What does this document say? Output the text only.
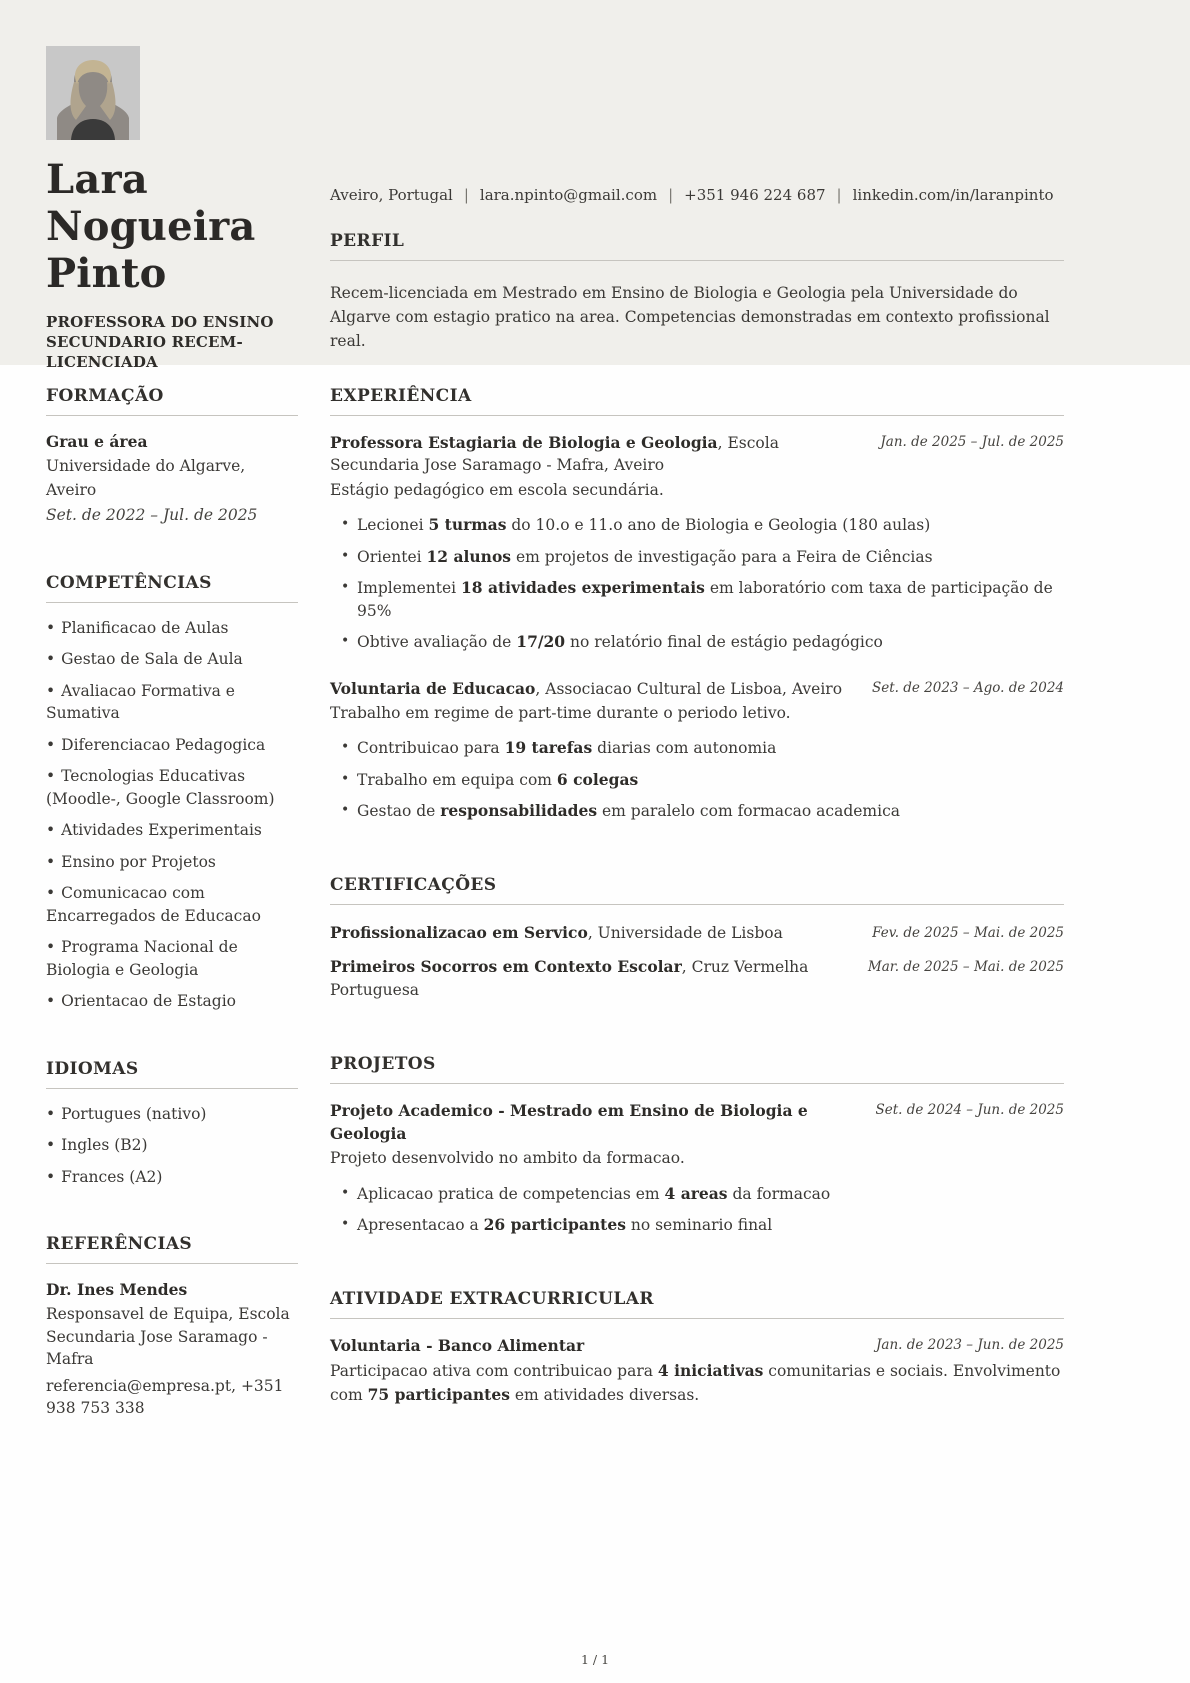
Lara Nogueira Pinto
PROFESSORA DO ENSINO SECUNDARIO RECEM-LICENCIADA
Aveiro, Portugal | lara.npinto@gmail.com | +351 946 224 687 | linkedin.com/in/laranpinto
PERFIL
Recem-licenciada em Mestrado em Ensino de Biologia e Geologia pela Universidade do Algarve com estagio pratico na area. Competencias demonstradas em contexto profissional real.
FORMAÇÃO
Grau e área
Universidade do Algarve, Aveiro
Set. de 2022 – Jul. de 2025
COMPETÊNCIAS
• Planificacao de Aulas
• Gestao de Sala de Aula
• Avaliacao Formativa e Sumativa
• Diferenciacao Pedagogica
• Tecnologias Educativas (Moodle-, Google Classroom)
• Atividades Experimentais
• Ensino por Projetos
• Comunicacao com Encarregados de Educacao
• Programa Nacional de Biologia e Geologia
• Orientacao de Estagio
IDIOMAS
• Portugues (nativo)
• Ingles (B2)
• Frances (A2)
REFERÊNCIAS
Dr. Ines Mendes
Responsavel de Equipa, Escola Secundaria Jose Saramago - Mafra
referencia@empresa.pt, +351 938 753 338
EXPERIÊNCIA
Professora Estagiaria de Biologia e Geologia, Escola Secundaria Jose Saramago - Mafra, Aveiro
Jan. de 2025 – Jul. de 2025
Estágio pedagógico em escola secundária.
• Lecionei 5 turmas do 10.o e 11.o ano de Biologia e Geologia (180 aulas)
• Orientei 12 alunos em projetos de investigação para a Feira de Ciências
• Implementei 18 atividades experimentais em laboratório com taxa de participação de 95%
• Obtive avaliação de 17/20 no relatório final de estágio pedagógico
Voluntaria de Educacao, Associacao Cultural de Lisboa, Aveiro	Set. de 2023 – Ago. de 2024
Trabalho em regime de part-time durante o periodo letivo.
• Contribuicao para 19 tarefas diarias com autonomia
• Trabalho em equipa com 6 colegas
• Gestao de responsabilidades em paralelo com formacao academica
CERTIFICAÇÕES
Profissionalizacao em Servico, Universidade de Lisboa	Fev. de 2025 – Mai. de 2025
Primeiros Socorros em Contexto Escolar, Cruz Vermelha Portuguesa
Mar. de 2025 – Mai. de 2025
PROJETOS
Projeto Academico - Mestrado em Ensino de Biologia e Geologia
Set. de 2024 – Jun. de 2025
Projeto desenvolvido no ambito da formacao.
• Aplicacao pratica de competencias em 4 areas da formacao
• Apresentacao a 26 participantes no seminario final
ATIVIDADE EXTRACURRICULAR
Voluntaria - Banco Alimentar	Jan. de 2023 – Jun. de 2025
Participacao ativa com contribuicao para 4 iniciativas comunitarias e sociais. Envolvimento com 75 participantes em atividades diversas.
1 / 1
